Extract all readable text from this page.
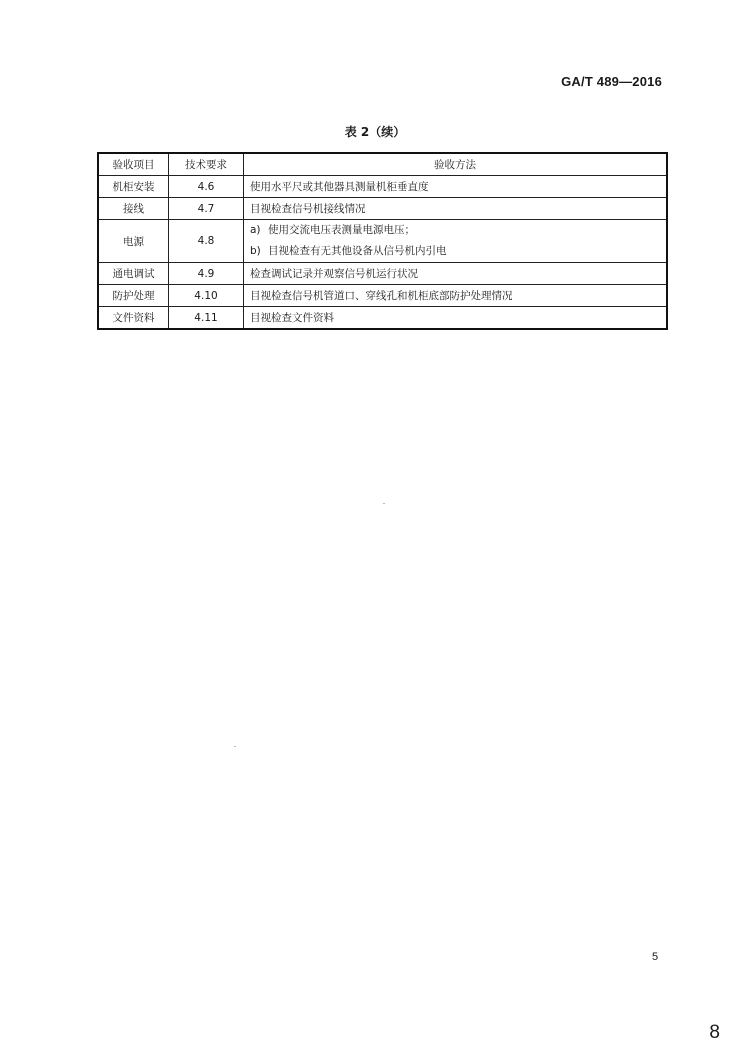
GA/T 489—2016
表 2（续）
验收项目	技术要求	验收方法
机柜安装	4.6	使用水平尺或其他器具测量机柜垂直度
接线	4.7	目视检查信号机接线情况
电源	4.8	a) 使用交流电压表测量电源电压；
b) 目视检查有无其他设备从信号机内引电

通电调试	4.9	检查调试记录并观察信号机运行状况
防护处理	4.10	目视检查信号机管道口、穿线孔和机柜底部防护处理情况
文件资料	4.11	目视检查文件资料
5
8
